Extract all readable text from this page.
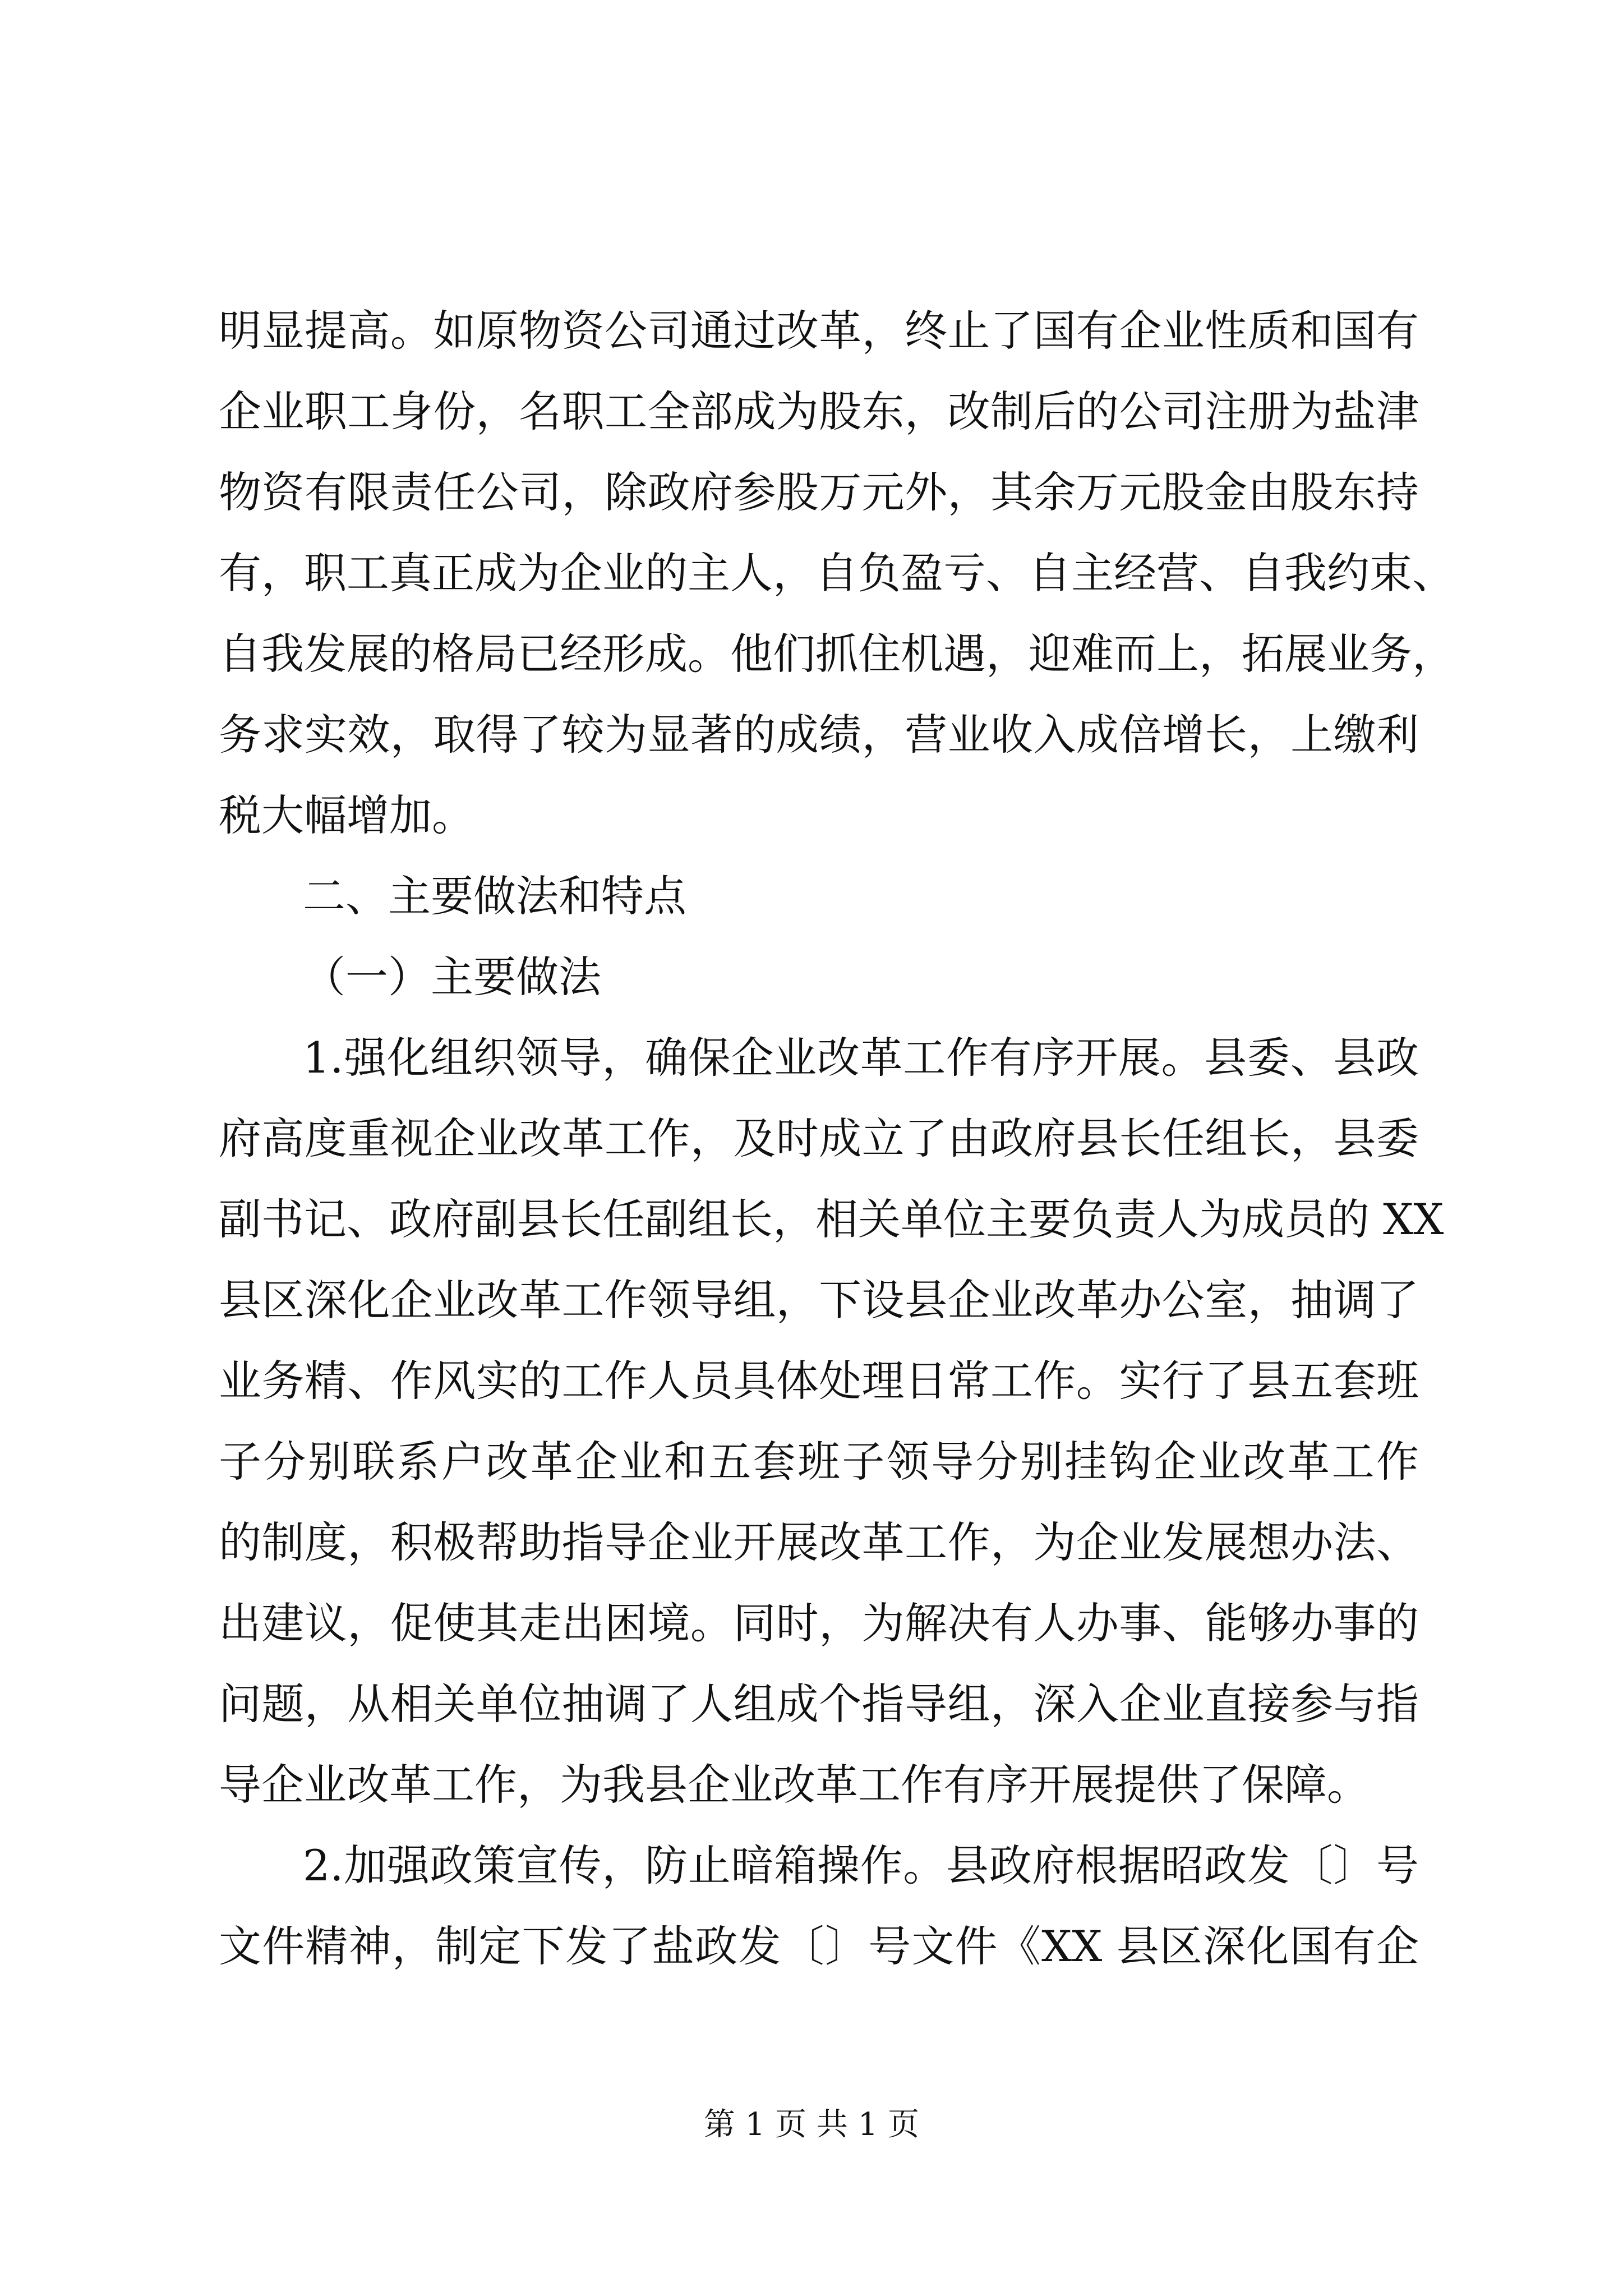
明显提高。如原物资公司通过改革，终止了国有企业性质和国有
企业职工身份，名职工全部成为股东，改制后的公司注册为盐津
物资有限责任公司，除政府参股万元外，其余万元股金由股东持
有，职工真正成为企业的主人，自负盈亏、自主经营、自我约束、
自我发展的格局已经形成。他们抓住机遇，迎难而上，拓展业务，
务求实效，取得了较为显著的成绩，营业收入成倍增长，上缴利
税大幅增加。
二、主要做法和特点
（一）主要做法
1.强化组织领导，确保企业改革工作有序开展。县委、县政
府高度重视企业改革工作，及时成立了由政府县长任组长，县委
副书记、政府副县长任副组长，相关单位主要负责人为成员的 XX
县区深化企业改革工作领导组，下设县企业改革办公室，抽调了
业务精、作风实的工作人员具体处理日常工作。实行了县五套班
子分别联系户改革企业和五套班子领导分别挂钩企业改革工作
的制度，积极帮助指导企业开展改革工作，为企业发展想办法、
出建议，促使其走出困境。同时，为解决有人办事、能够办事的
问题，从相关单位抽调了人组成个指导组，深入企业直接参与指
导企业改革工作，为我县企业改革工作有序开展提供了保障。
2.加强政策宣传，防止暗箱操作。县政府根据昭政发〔〕号
文件精神，制定下发了盐政发〔〕号文件《XX 县区深化国有企
第 1 页 共 1 页
